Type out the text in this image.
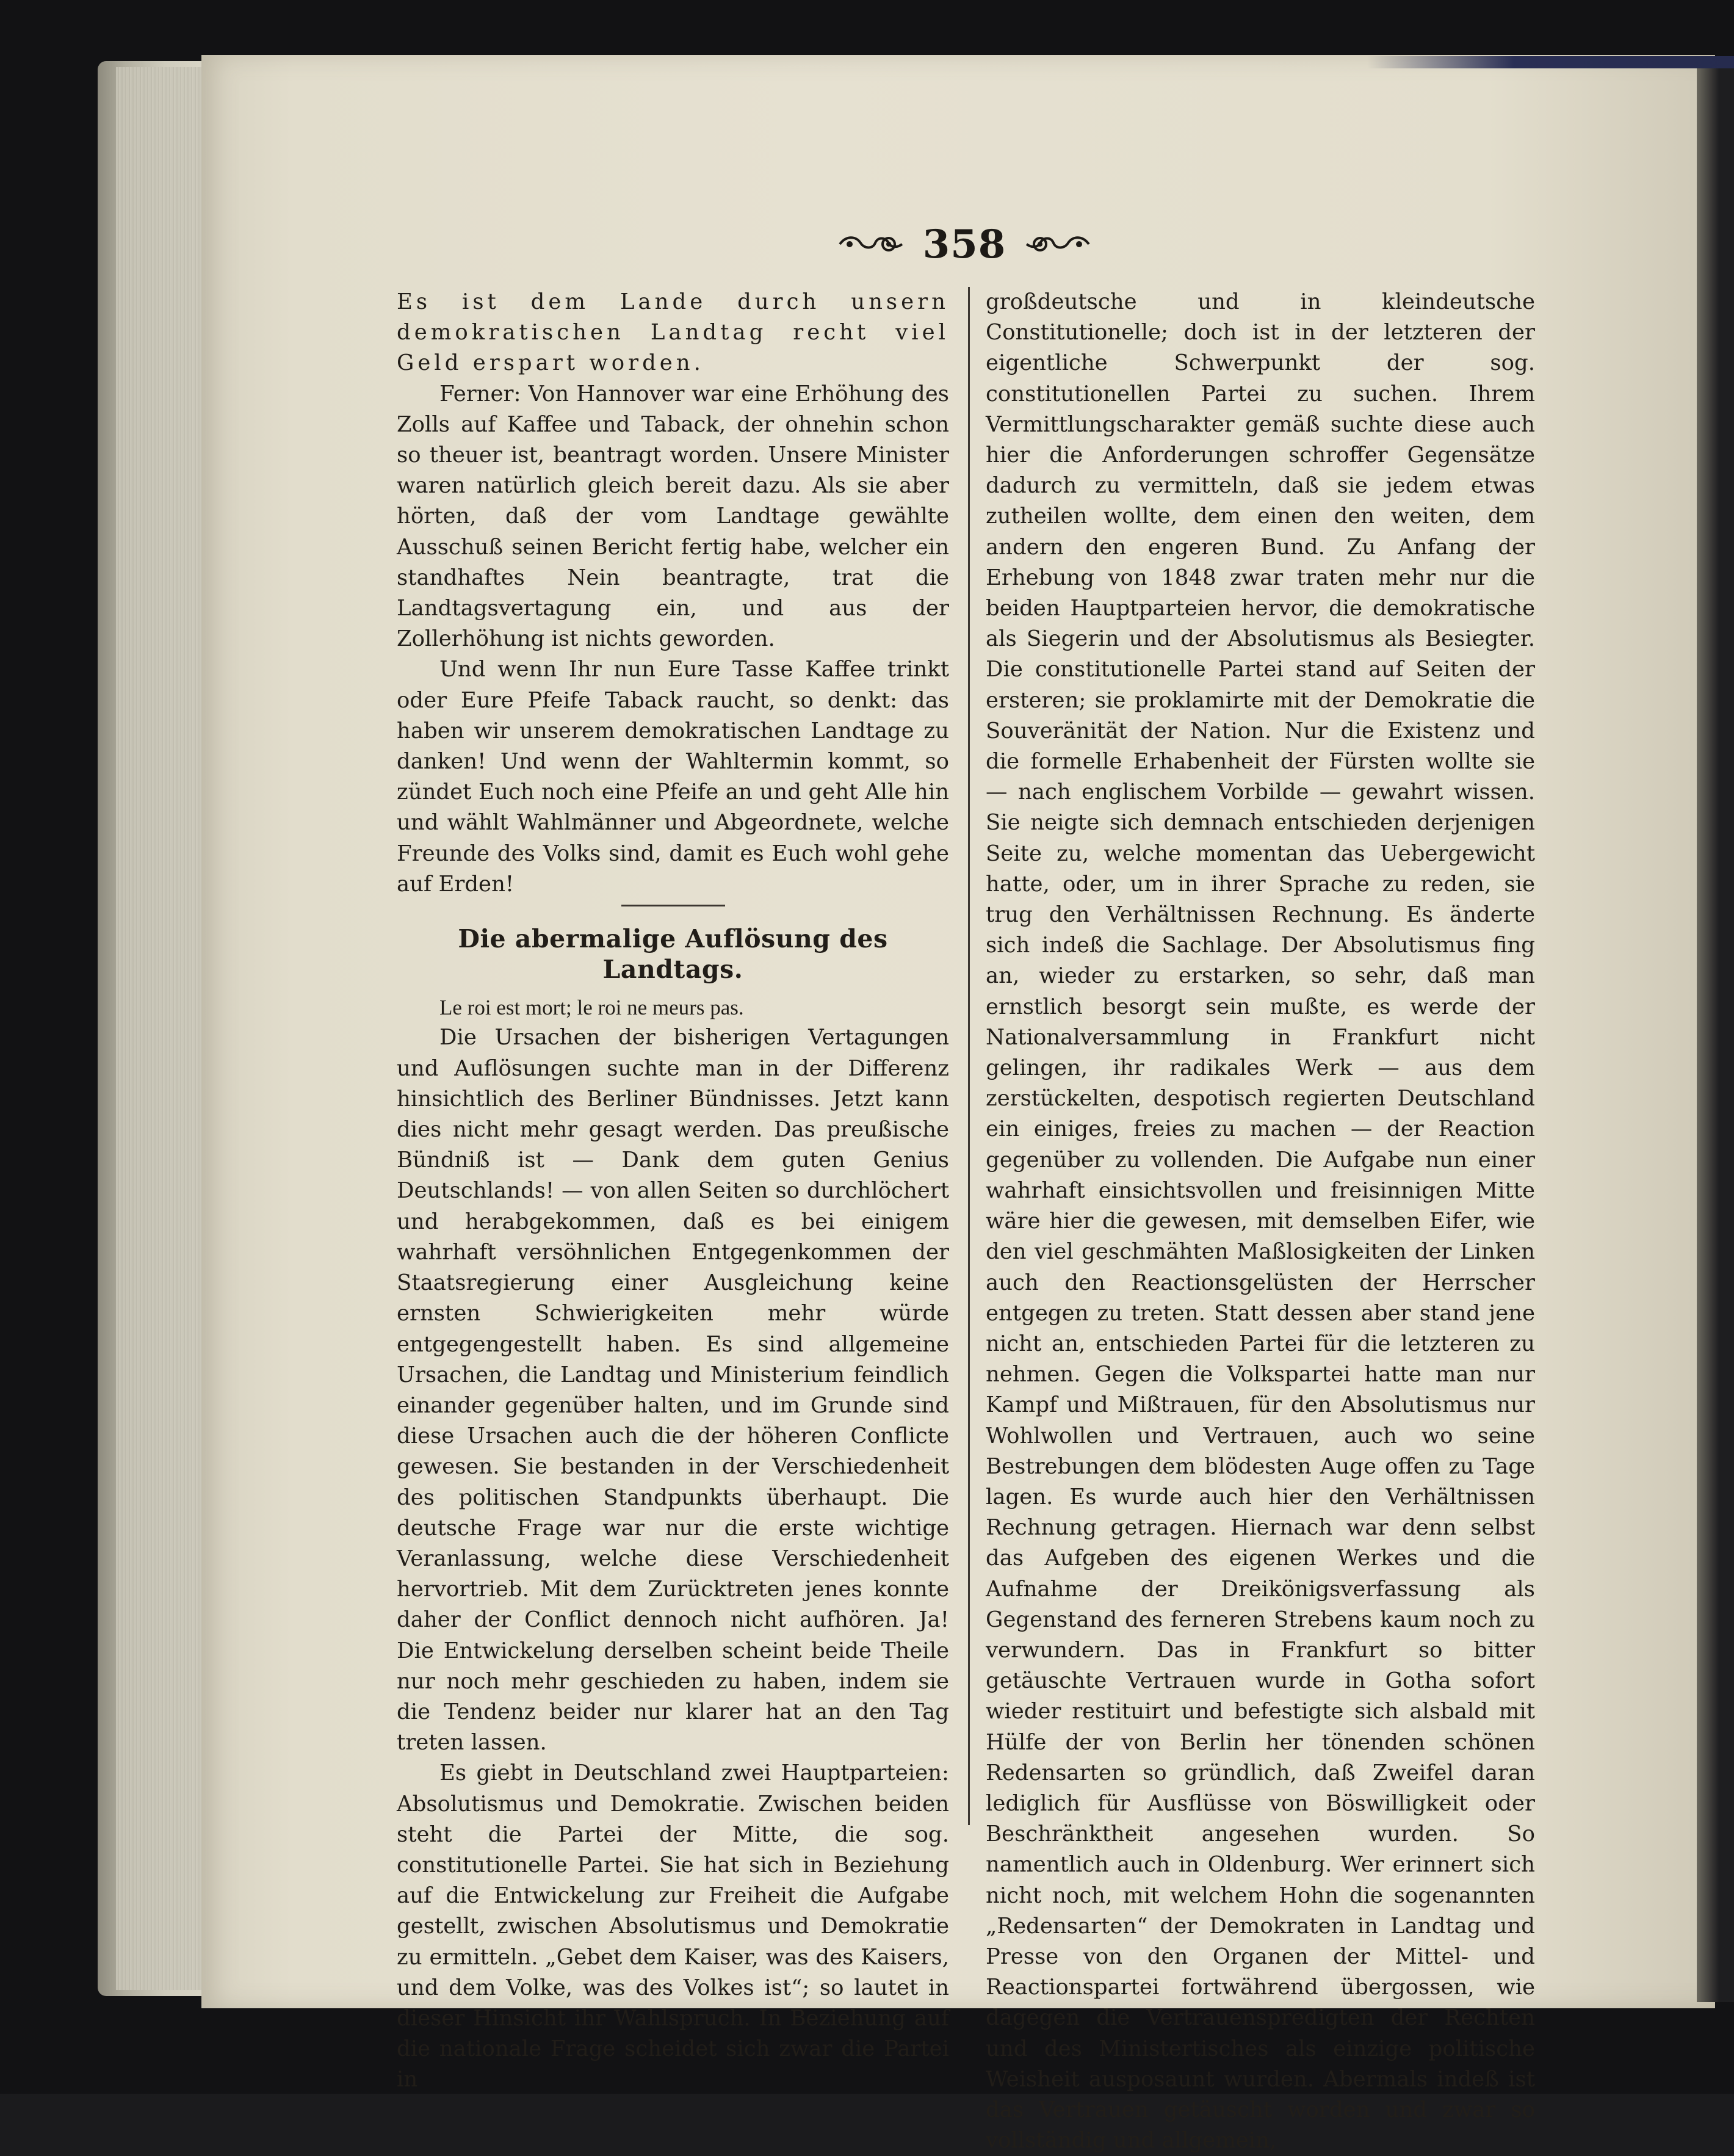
358

Es ist dem Lande durch unsern demokratischen Landtag recht viel Geld erspart worden.

Ferner: Von Hannover war eine Erhöhung des Zolls auf Kaffee und Taback, der ohnehin schon so theuer ist, beantragt worden. Unsere Minister waren natürlich gleich bereit dazu. Als sie aber hörten, daß der vom Landtage gewählte Ausschuß seinen Bericht fertig habe, welcher ein standhaftes Nein beantragte, trat die Landtagsvertagung ein, und aus der Zollerhöhung ist nichts geworden.

Und wenn Ihr nun Eure Tasse Kaffee trinkt oder Eure Pfeife Taback raucht, so denkt: das haben wir unserem demokratischen Landtage zu danken! Und wenn der Wahltermin kommt, so zündet Euch noch eine Pfeife an und geht Alle hin und wählt Wahlmänner und Abgeordnete, welche Freunde des Volks sind, damit es Euch wohl gehe auf Erden!

Die abermalige Auflösung des Landtags.

Le roi est mort; le roi ne meurs pas.

Die Ursachen der bisherigen Vertagungen und Auflösungen suchte man in der Differenz hinsichtlich des Berliner Bündnisses. Jetzt kann dies nicht mehr gesagt werden. Das preußische Bündniß ist — Dank dem guten Genius Deutschlands! — von allen Seiten so durchlöchert und herabgekommen, daß es bei einigem wahrhaft versöhnlichen Entgegenkommen der Staatsregierung einer Ausgleichung keine ernsten Schwierigkeiten mehr würde entgegengestellt haben. Es sind allgemeine Ursachen, die Landtag und Ministerium feindlich einander gegenüber halten, und im Grunde sind diese Ursachen auch die der höheren Conflicte gewesen. Sie bestanden in der Verschiedenheit des politischen Standpunkts überhaupt. Die deutsche Frage war nur die erste wichtige Veranlassung, welche diese Verschiedenheit hervortrieb. Mit dem Zurücktreten jenes konnte daher der Conflict dennoch nicht aufhören. Ja! Die Entwickelung derselben scheint beide Theile nur noch mehr geschieden zu haben, indem sie die Tendenz beider nur klarer hat an den Tag treten lassen.

Es giebt in Deutschland zwei Hauptparteien: Absolutismus und Demokratie. Zwischen beiden steht die Partei der Mitte, die sog. constitutionelle Partei. Sie hat sich in Beziehung auf die Entwickelung zur Freiheit die Aufgabe gestellt, zwischen Absolutismus und Demokratie zu ermitteln. „Gebet dem Kaiser, was des Kaisers, und dem Volke, was des Volkes ist“; so lautet in dieser Hinsicht ihr Wahlspruch. In Beziehung auf die nationale Frage scheidet sich zwar die Partei in

großdeutsche und in kleindeutsche Constitutionelle; doch ist in der letzteren der eigentliche Schwerpunkt der sog. constitutionellen Partei zu suchen. Ihrem Vermittlungscharakter gemäß suchte diese auch hier die Anforderungen schroffer Gegensätze dadurch zu vermitteln, daß sie jedem etwas zutheilen wollte, dem einen den weiten, dem andern den engeren Bund. Zu Anfang der Erhebung von 1848 zwar traten mehr nur die beiden Hauptparteien hervor, die demokratische als Siegerin und der Absolutismus als Besiegter. Die constitutionelle Partei stand auf Seiten der ersteren; sie proklamirte mit der Demokratie die Souveränität der Nation. Nur die Existenz und die formelle Erhabenheit der Fürsten wollte sie — nach englischem Vorbilde — gewahrt wissen. Sie neigte sich demnach entschieden derjenigen Seite zu, welche momentan das Uebergewicht hatte, oder, um in ihrer Sprache zu reden, sie trug den Verhältnissen Rechnung. Es änderte sich indeß die Sachlage. Der Absolutismus fing an, wieder zu erstarken, so sehr, daß man ernstlich besorgt sein mußte, es werde der Nationalversammlung in Frankfurt nicht gelingen, ihr radikales Werk — aus dem zerstückelten, despotisch regierten Deutschland ein einiges, freies zu machen — der Reaction gegenüber zu vollenden. Die Aufgabe nun einer wahrhaft einsichtsvollen und freisinnigen Mitte wäre hier die gewesen, mit demselben Eifer, wie den viel geschmähten Maßlosigkeiten der Linken auch den Reactionsgelüsten der Herrscher entgegen zu treten. Statt dessen aber stand jene nicht an, entschieden Partei für die letzteren zu nehmen. Gegen die Volkspartei hatte man nur Kampf und Mißtrauen, für den Absolutismus nur Wohlwollen und Vertrauen, auch wo seine Bestrebungen dem blödesten Auge offen zu Tage lagen. Es wurde auch hier den Verhältnissen Rechnung getragen. Hiernach war denn selbst das Aufgeben des eigenen Werkes und die Aufnahme der Dreikönigsverfassung als Gegenstand des ferneren Strebens kaum noch zu verwundern. Das in Frankfurt so bitter getäuschte Vertrauen wurde in Gotha sofort wieder restituirt und befestigte sich alsbald mit Hülfe der von Berlin her tönenden schönen Redensarten so gründlich, daß Zweifel daran lediglich für Ausflüsse von Böswilligkeit oder Beschränktheit angesehen wurden. So namentlich auch in Oldenburg. Wer erinnert sich nicht noch, mit welchem Hohn die sogenannten „Redensarten“ der Demokraten in Landtag und Presse von den Organen der Mittel- und Reactionspartei fortwährend übergossen, wie dagegen die Vertrauenspredigten der Rechten und des Ministertisches als einzige politische Weisheit ausposaunt wurden. Abermals indeß ist das Vertrauen getäuscht worden und zwar so vollständig und allgemein,
